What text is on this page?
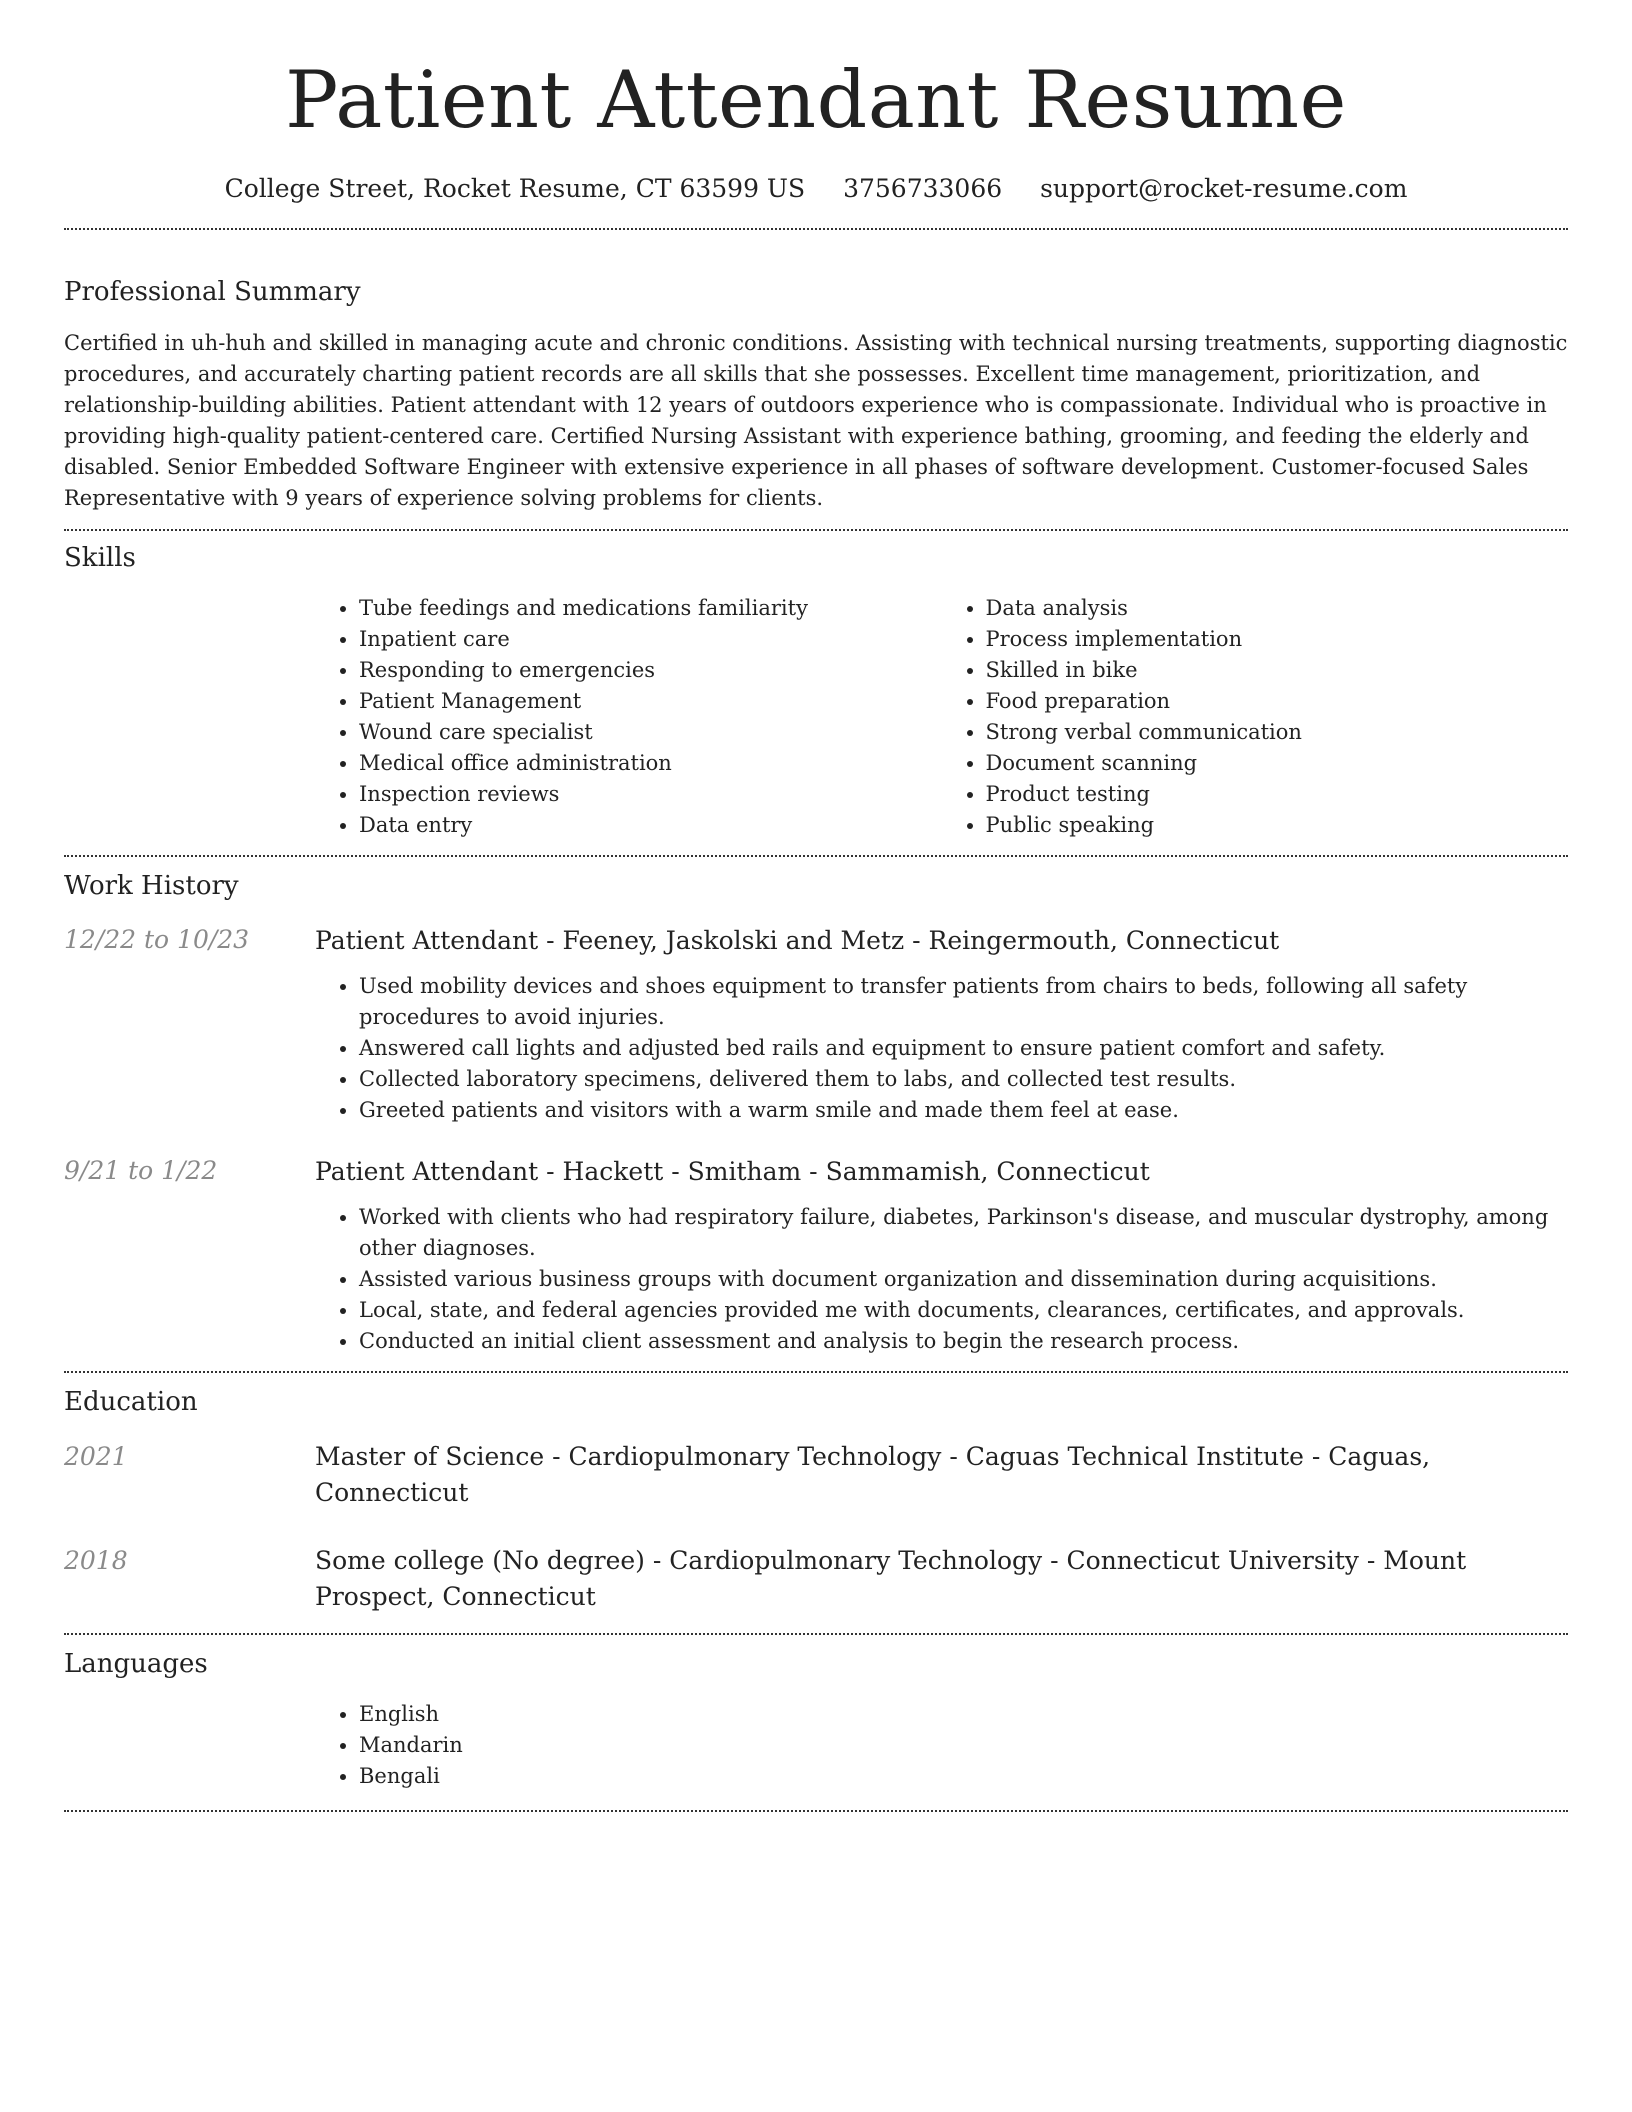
Patient Attendant Resume
College Street, Rocket Resume, CT 63599 US 3756733066 support@rocket-resume.com
Professional Summary

Certified in uh-huh and skilled in managing acute and chronic conditions. Assisting with technical nursing treatments, supporting diagnostic procedures, and accurately charting patient records are all skills that she possesses. Excellent time management, prioritization, and relationship-building abilities. Patient attendant with 12 years of outdoors experience who is compassionate. Individual who is proactive in providing high-quality patient-centered care. Certified Nursing Assistant with experience bathing, grooming, and feeding the elderly and disabled. Senior Embedded Software Engineer with extensive experience in all phases of software development. Customer-focused Sales Representative with 9 years of experience solving problems for clients.

Skills
• Tube feedings and medications familiarity
• Inpatient care
• Responding to emergencies
• Patient Management
• Wound care specialist
• Medical office administration
• Inspection reviews
• Data entry
• Data analysis
• Process implementation
• Skilled in bike
• Food preparation
• Strong verbal communication
• Document scanning
• Product testing
• Public speaking
Work History
12/22 to 10/23	Patient Attendant - Feeney, Jaskolski and Metz - Reingermouth, Connecticut
• Used mobility devices and shoes equipment to transfer patients from chairs to beds, following all safety procedures to avoid injuries.
• Answered call lights and adjusted bed rails and equipment to ensure patient comfort and safety.
• Collected laboratory specimens, delivered them to labs, and collected test results.
• Greeted patients and visitors with a warm smile and made them feel at ease.
9/21 to 1/22	Patient Attendant - Hackett - Smitham - Sammamish, Connecticut
• Worked with clients who had respiratory failure, diabetes, Parkinson's disease, and muscular dystrophy, among other diagnoses.
• Assisted various business groups with document organization and dissemination during acquisitions.
• Local, state, and federal agencies provided me with documents, clearances, certificates, and approvals.
• Conducted an initial client assessment and analysis to begin the research process.
Education
2021	Master of Science - Cardiopulmonary Technology - Caguas Technical Institute - Caguas, Connecticut
2018	Some college (No degree) - Cardiopulmonary Technology - Connecticut University - Mount Prospect, Connecticut
Languages
• English
• Mandarin
• Bengali
